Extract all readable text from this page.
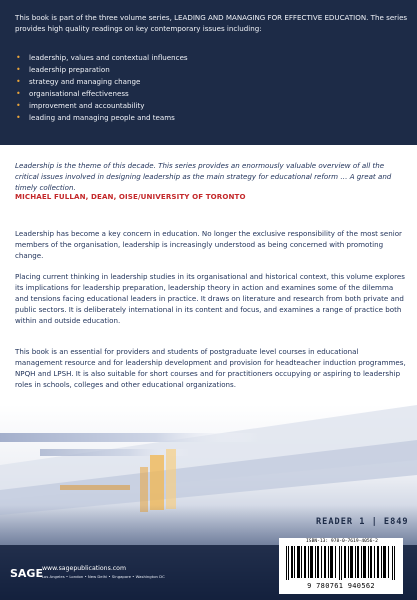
This book is part of the three volume series, LEADING AND MANAGING FOR EFFECTIVE EDUCATION. The series provides high quality readings on key contemporary issues including:

• leadership, values and contextual influences
• leadership preparation
• strategy and managing change
• organisational effectiveness
• improvement and accountability
• leading and managing people and teams

Leadership is the theme of this decade. This series provides an enormously valuable overview of all the critical issues involved in designing leadership as the main strategy for educational reform … A great and timely collection.

MICHAEL FULLAN, DEAN, OISE/UNIVERSITY OF TORONTO

Leadership has become a key concern in education. No longer the exclusive responsibility of the most senior members of the organisation, leadership is increasingly understood as being concerned with promoting change.

Placing current thinking in leadership studies in its organisational and historical context, this volume explores its implications for leadership preparation, leadership theory in action and examines some of the dilemma and tensions facing educational leaders in practice. It draws on literature and research from both private and public sectors. It is deliberately international in its content and focus, and examines a range of practice both within and outside education.

This book is an essential for providers and students of postgraduate level courses in educational management resource and for leadership development and provision for headteacher induction programmes, NPQH and LPSH. It is also suitable for short courses and for practitioners occupying or aspiring to leadership roles in schools, colleges and other educational organizations.

READER 1 | E849
ISBN-13: 978-0-7619-4056-2
9 780761 940562
SAGE www.sagepublications.com
Los Angeles • London • New Delhi • Singapore • Washington DC
